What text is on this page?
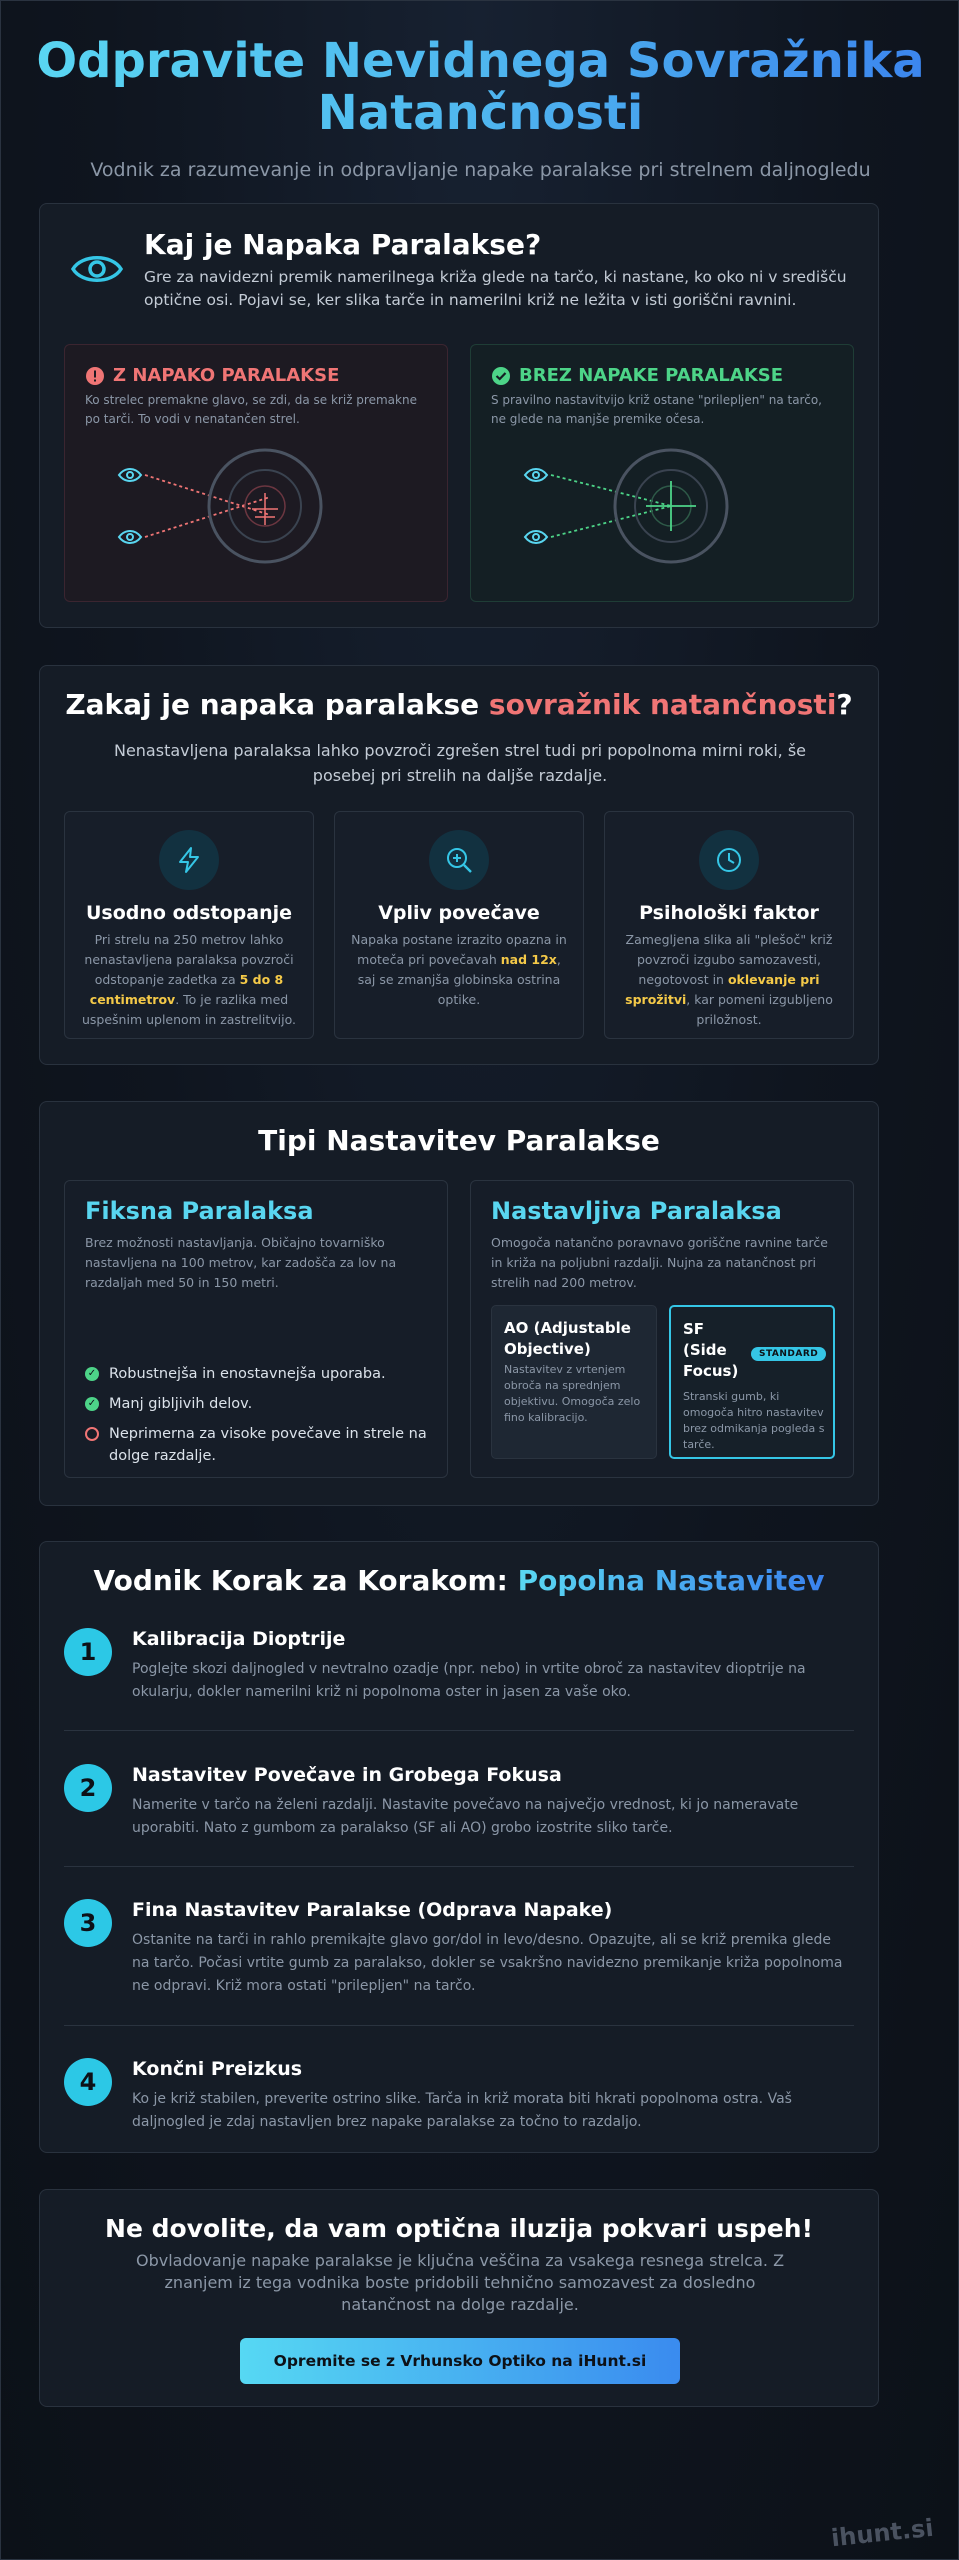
Odpravite Nevidnega Sovražnika Natančnosti
Vodnik za razumevanje in odpravljanje napake paralakse pri strelnem daljnogledu
Kaj je Napaka Paralakse?
Gre za navidezni premik namerilnega križa glede na tarčo, ki nastane, ko oko ni v središču optične osi. Pojavi se, ker slika tarče in namerilni križ ne ležita v isti goriščni ravnini.
Z NAPAKO PARALAKSE
Ko strelec premakne glavo, se zdi, da se križ premakne po tarči. To vodi v nenatančen strel.
BREZ NAPAKE PARALAKSE
S pravilno nastavitvijo križ ostane "prilepljen" na tarčo, ne glede na manjše premike očesa.
Zakaj je napaka paralakse sovražnik natančnosti?
Nenastavljena paralaksa lahko povzroči zgrešen strel tudi pri popolnoma mirni roki, še posebej pri strelih na daljše razdalje.
Usodno odstopanje
Pri strelu na 250 metrov lahko nenastavljena paralaksa povzroči odstopanje zadetka za 5 do 8 centimetrov. To je razlika med uspešnim uplenom in zastrelitvijo.
Vpliv povečave
Napaka postane izrazito opazna in moteča pri povečavah nad 12x, saj se zmanjša globinska ostrina optike.
Psihološki faktor
Zamegljena slika ali "plešoč" križ povzroči izgubo samozavesti, negotovost in oklevanje pri sprožitvi, kar pomeni izgubljeno priložnost.
Tipi Nastavitev Paralakse
Fiksna Paralaksa
Brez možnosti nastavljanja. Običajno tovarniško nastavljena na 100 metrov, kar zadošča za lov na razdaljah med 50 in 150 metri.
✓ Robustnejša in enostavnejša uporaba.
✓ Manj gibljivih delov.
Neprimerna za visoke povečave in strele na dolge razdalje.
Nastavljiva Paralaksa
Omogoča natančno poravnavo goriščne ravnine tarče in križa na poljubni razdalji. Nujna za natančnost pri strelih nad 200 metrov.
AO (Adjustable Objective)
Nastavitev z vrtenjem obroča na sprednjem objektivu. Omogoča zelo fino kalibracijo.
SF (Side Focus)
STANDARD
Stranski gumb, ki omogoča hitro nastavitev brez odmikanja pogleda s tarče.
Vodnik Korak za Korakom: Popolna Nastavitev
1	Kalibracija Dioptrije
Poglejte skozi daljnogled v nevtralno ozadje (npr. nebo) in vrtite obroč za nastavitev dioptrije na okularju, dokler namerilni križ ni popolnoma oster in jasen za vaše oko.
2	Nastavitev Povečave in Grobega Fokusa
Namerite v tarčo na želeni razdalji. Nastavite povečavo na največjo vrednost, ki jo nameravate uporabiti. Nato z gumbom za paralakso (SF ali AO) grobo izostrite sliko tarče.
3	Fina Nastavitev Paralakse (Odprava Napake)
Ostanite na tarči in rahlo premikajte glavo gor/dol in levo/desno. Opazujte, ali se križ premika glede na tarčo. Počasi vrtite gumb za paralakso, dokler se vsakršno navidezno premikanje križa popolnoma ne odpravi. Križ mora ostati "prilepljen" na tarčo.
4	Končni Preizkus
Ko je križ stabilen, preverite ostrino slike. Tarča in križ morata biti hkrati popolnoma ostra. Vaš daljnogled je zdaj nastavljen brez napake paralakse za točno to razdaljo.
Ne dovolite, da vam optična iluzija pokvari uspeh!
Obvladovanje napake paralakse je ključna veščina za vsakega resnega strelca. Z znanjem iz tega vodnika boste pridobili tehnično samozavest za dosledno natančnost na dolge razdalje.
Opremite se z Vrhunsko Optiko na iHunt.si
ihunt.si
